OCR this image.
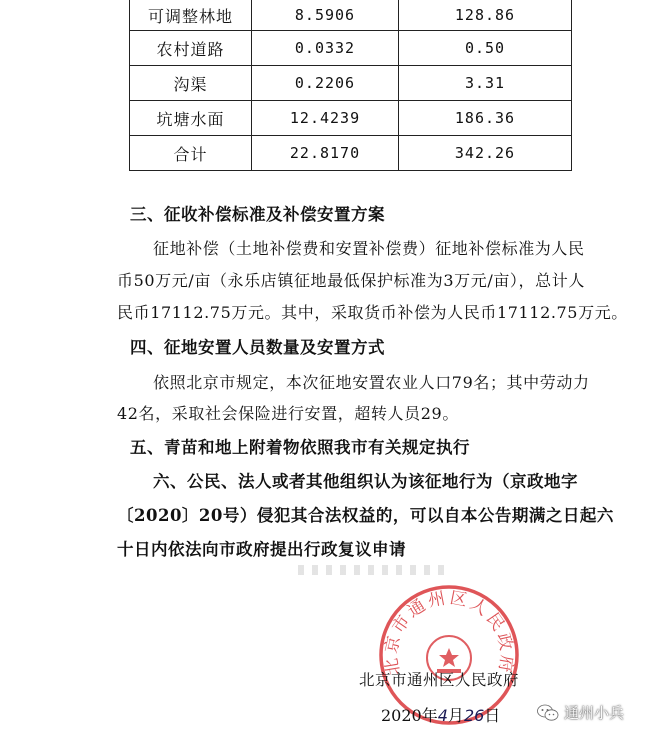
可调整林地	8.5906	128.86
农村道路	0.0332	0.50
沟渠	0.2206	3.31
坑塘水面	12.4239	186.36
合计	22.8170	342.26
三、征收补偿标准及补偿安置方案
征地补偿（土地补偿费和安置补偿费）征地补偿标准为人民
币50万元/亩（永乐店镇征地最低保护标准为3万元/亩），总计人
民币17112.75万元。其中，采取货币补偿为人民币17112.75万元。
四、征地安置人员数量及安置方式
依照北京市规定，本次征地安置农业人口79名；其中劳动力
42名，采取社会保险进行安置，超转人员29。
五、青苗和地上附着物依照我市有关规定执行
六、公民、法人或者其他组织认为该征地行为（京政地字
〔2020〕20号）侵犯其合法权益的，可以自本公告期满之日起六
十日内依法向市政府提出行政复议申请
北京市通州区人民政府
北京市通州区人民政府
2020年4月26日	通州小兵
